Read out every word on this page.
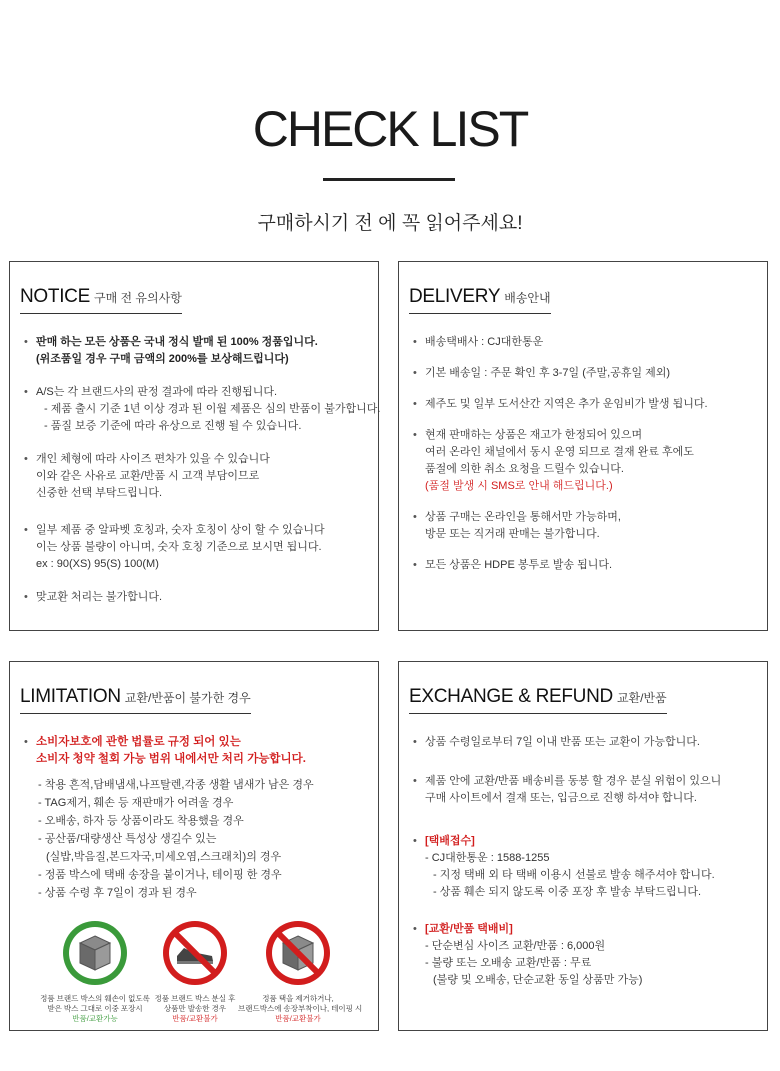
CHECK LIST
구매하시기 전 에 꼭 읽어주세요!
NOTICE 구매 전 유의사항
• 판매 하는 모든 상품은 국내 정식 발매 된 100% 정품입니다.
(위조품일 경우 구매 금액의 200%를 보상해드립니다)
• A/S는 각 브랜드사의 판정 결과에 따라 진행됩니다.
- 제품 출시 기준 1년 이상 경과 된 이월 제품은 심의 반품이 불가합니다.
- 품질 보증 기준에 따라 유상으로 진행 될 수 있습니다.
• 개인 체형에 따라 사이즈 편차가 있을 수 있습니다
이와 같은 사유로 교환/반품 시 고객 부담이므로
신중한 선택 부탁드립니다.
• 일부 제품 중 알파벳 호칭과, 숫자 호칭이 상이 할 수 있습니다
이는 상품 불량이 아니며, 숫자 호칭 기준으로 보시면 됩니다.
ex : 90(XS) 95(S) 100(M)
• 맞교환 처리는 불가합니다.
DELIVERY 배송안내
• 배송택배사 : CJ대한통운
• 기본 배송일 : 주문 확인 후 3-7일 (주말,공휴일 제외)
• 제주도 및 일부 도서산간 지역은 추가 운임비가 발생 됩니다.
• 현재 판매하는 상품은 재고가 한정되어 있으며
여러 온라인 채널에서 동시 운영 되므로 결재 완료 후에도
품절에 의한 취소 요청을 드릴수 있습니다.
(품절 발생 시 SMS로 안내 해드립니다.)
• 상품 구매는 온라인을 통해서만 가능하며,
방문 또는 직거래 판매는 불가합니다.
• 모든 상품은 HDPE 봉투로 발송 됩니다.
LIMITATION 교환/반품이 불가한 경우
• 소비자보호에 관한 법률로 규정 되어 있는
소비자 청약 철회 가능 범위 내에서만 처리 가능합니다.
- 착용 흔적,담배냄새,나프탈렌,각종 생활 냄새가 남은 경우
- TAG제거, 훼손 등 재판매가 어려울 경우
- 오배송, 하자 등 상품이라도 착용했을 경우
- 공산품/대량생산 특성상 생길수 있는
(실밥,박음질,본드자국,미세오염,스크래치)의 경우
- 정품 박스에 택배 송장을 붙이거나, 테이핑 한 경우
- 상품 수령 후 7일이 경과 된 경우
정품 브랜드 박스의 훼손이 없도록
받은 박스 그대로 이중 포장시
반품/교환가능
정품 브랜드 박스 분실 후
상품만 발송한 경우
반품/교환불가
정품 택을 제거하거나,
브랜드박스에 송장부착이나, 테이핑 시
반품/교환불가
EXCHANGE & REFUND 교환/반품
• 상품 수령일로부터 7일 이내 반품 또는 교환이 가능합니다.
• 제품 안에 교환/반품 배송비를 동봉 할 경우 분실 위험이 있으니
구매 사이트에서 결재 또는, 입금으로 진행 하셔야 합니다.
• [택배접수]
- CJ대한통운 : 1588-1255
- 지정 택배 외 타 택배 이용시 선불로 발송 해주셔야 합니다.
- 상품 훼손 되지 않도록 이중 포장 후 발송 부탁드립니다.
• [교환/반품 택배비]
- 단순변심 사이즈 교환/반품 : 6,000원
- 불량 또는 오배송 교환/반품 : 무료
(불량 및 오배송, 단순교환 동일 상품만 가능)
